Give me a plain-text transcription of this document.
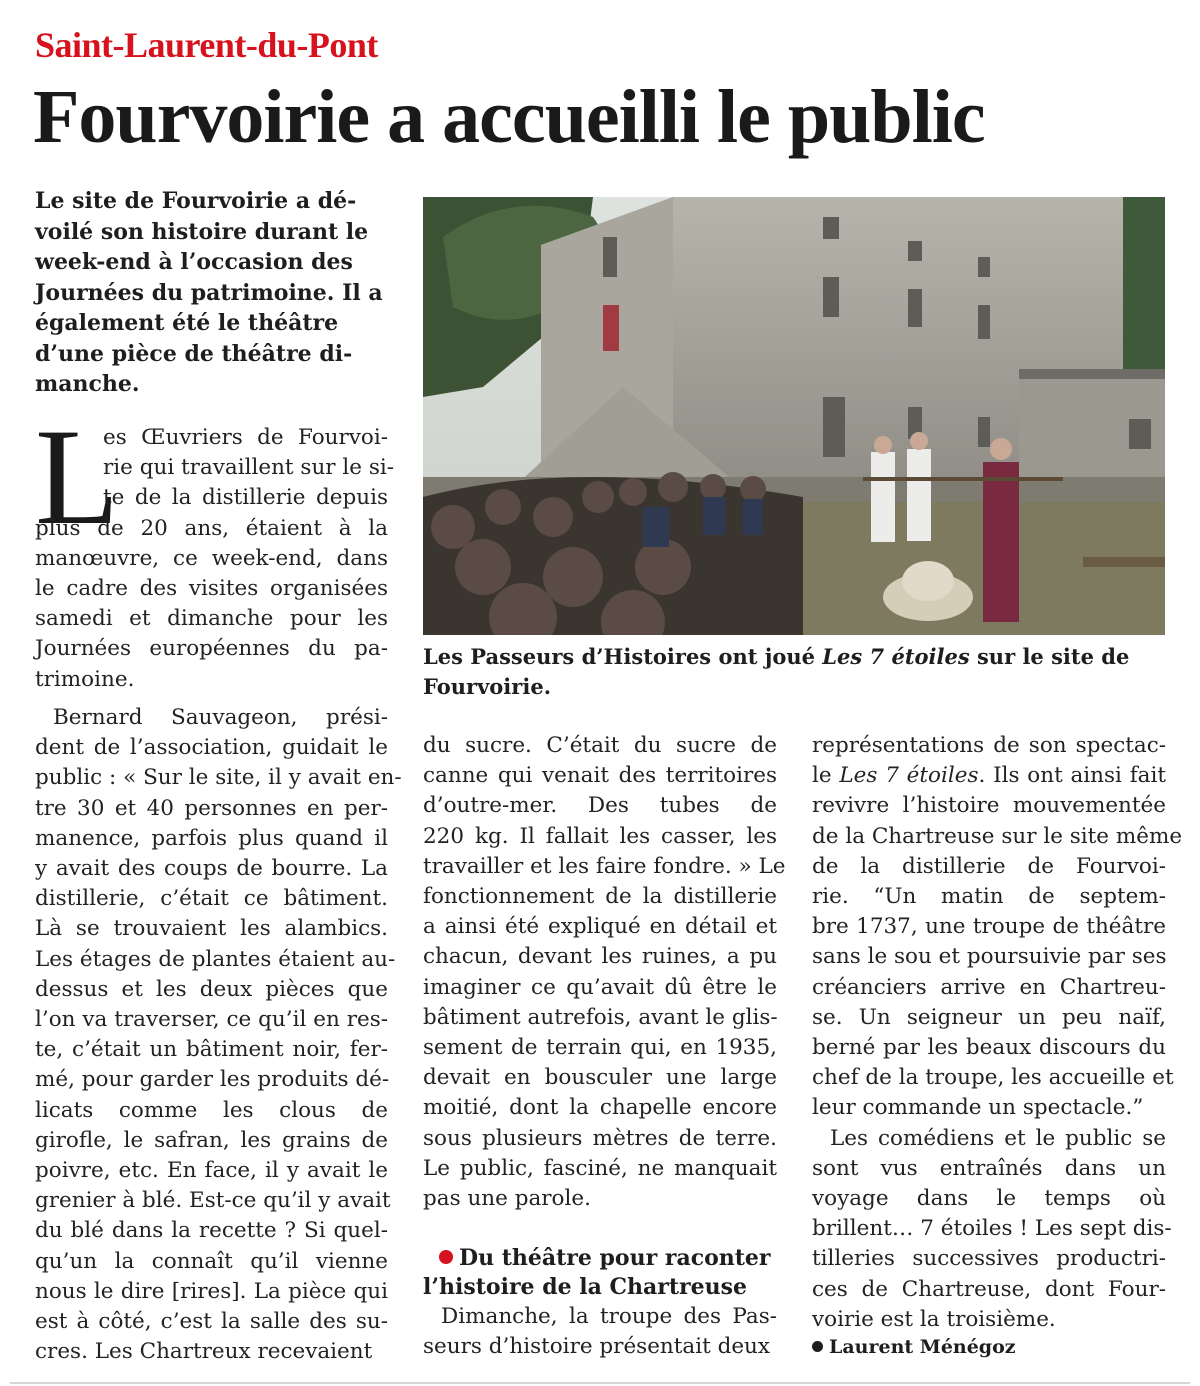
Saint-Laurent-du-Pont
Fourvoirie a accueilli le public
Le site de Fourvoirie a dé-
voilé son histoire durant le
week-end à l’occasion des
Journées du patrimoine. Il a
également été le théâtre
d’une pièce de théâtre di-
manche.
Les Passeurs d’Histoires ont joué Les 7 étoiles sur le site de
Fourvoirie.
L
es Œuvriers de Fourvoi-
rie qui travaillent sur le si-
te de la distillerie depuis
plus de 20 ans, étaient à la
manœuvre, ce week-end, dans
le cadre des visites organisées
samedi et dimanche pour les
Journées européennes du pa-
trimoine.
Bernard Sauvageon, prési-
dent de l’association, guidait le
public : « Sur le site, il y avait en-
tre 30 et 40 personnes en per-
manence, parfois plus quand il
y avait des coups de bourre. La
distillerie, c’était ce bâtiment.
Là se trouvaient les alambics.
Les étages de plantes étaient au-
dessus et les deux pièces que
l’on va traverser, ce qu’il en res-
te, c’était un bâtiment noir, fer-
mé, pour garder les produits dé-
licats comme les clous de
girofle, le safran, les grains de
poivre, etc. En face, il y avait le
grenier à blé. Est-ce qu’il y avait
du blé dans la recette ? Si quel-
qu’un la connaît qu’il vienne
nous le dire [rires]. La pièce qui
est à côté, c’est la salle des su-
cres. Les Chartreux recevaient
du sucre. C’était du sucre de
canne qui venait des territoires
d’outre-mer. Des tubes de
220 kg. Il fallait les casser, les
travailler et les faire fondre. » Le
fonctionnement de la distillerie
a ainsi été expliqué en détail et
chacun, devant les ruines, a pu
imaginer ce qu’avait dû être le
bâtiment autrefois, avant le glis-
sement de terrain qui, en 1935,
devait en bousculer une large
moitié, dont la chapelle encore
sous plusieurs mètres de terre.
Le public, fasciné, ne manquait
pas une parole.
Du théâtre pour raconter
l’histoire de la Chartreuse
Dimanche, la troupe des Pas-
seurs d’histoire présentait deux
représentations de son spectac-
le Les 7 étoiles. Ils ont ainsi fait
revivre l’histoire mouvementée
de la Chartreuse sur le site même
de la distillerie de Fourvoi-
rie. “Un matin de septem-
bre 1737, une troupe de théâtre
sans le sou et poursuivie par ses
créanciers arrive en Chartreu-
se. Un seigneur un peu naïf,
berné par les beaux discours du
chef de la troupe, les accueille et
leur commande un spectacle.”
Les comédiens et le public se
sont vus entraînés dans un
voyage dans le temps où
brillent… 7 étoiles ! Les sept dis-
tilleries successives productri-
ces de Chartreuse, dont Four-
voirie est la troisième.
Laurent Ménégoz
